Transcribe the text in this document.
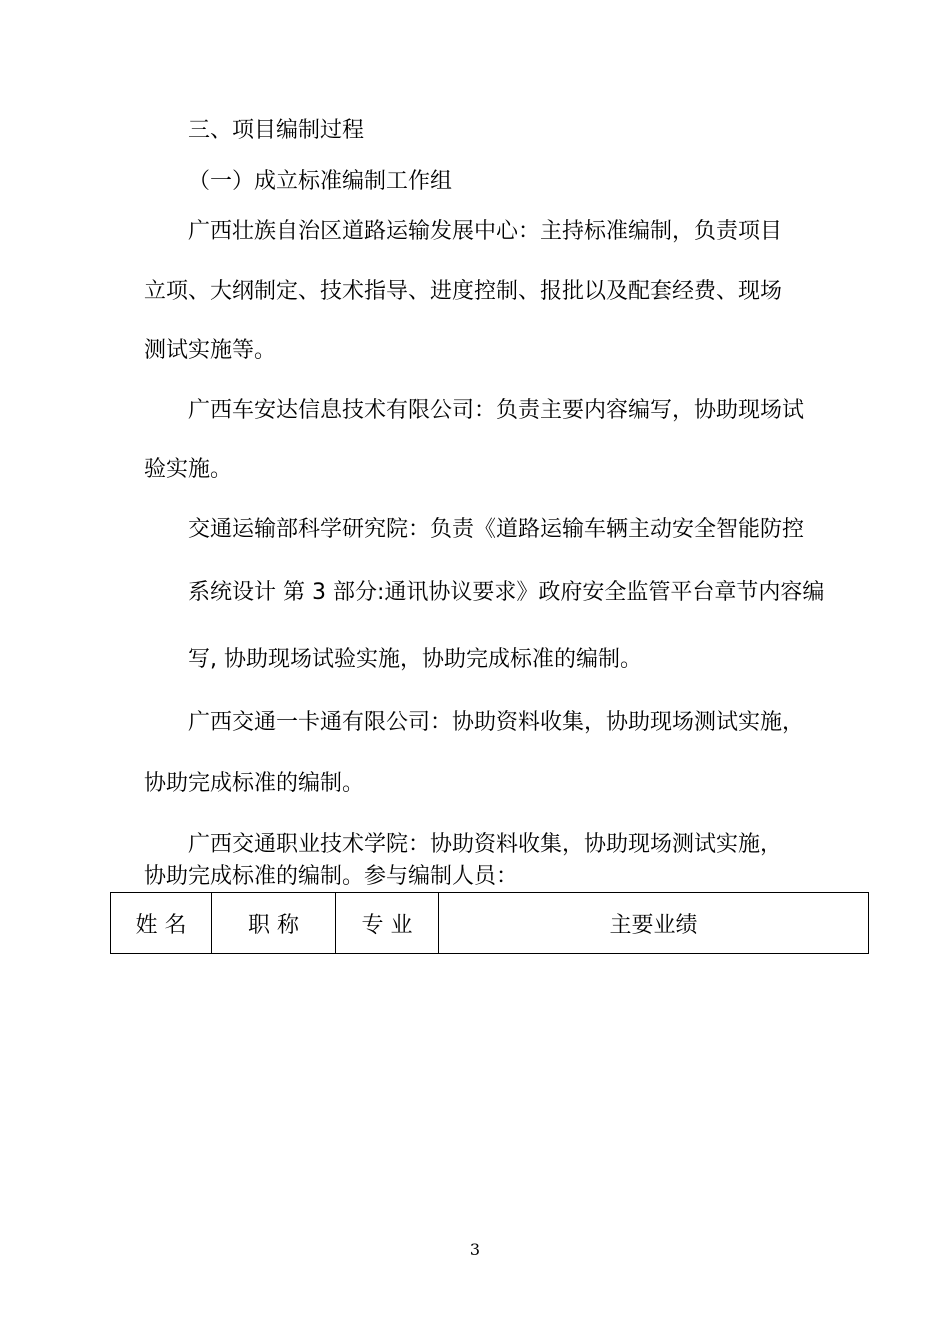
三、项目编制过程

（一）成立标准编制工作组

广西壮族自治区道路运输发展中心：主持标准编制，负责项目

立项、大纲制定、技术指导、进度控制、报批以及配套经费、现场

测试实施等。

广西车安达信息技术有限公司：负责主要内容编写，协助现场试

验实施。

交通运输部科学研究院：负责《道路运输车辆主动安全智能防控

系统设计 第 3 部分:通讯协议要求》政府安全监管平台章节内容编

写, 协助现场试验实施，协助完成标准的编制。

广西交通一卡通有限公司：协助资料收集，协助现场测试实施，

协助完成标准的编制。

广西交通职业技术学院：协助资料收集，协助现场测试实施，

协助完成标准的编制。参与编制人员：

姓 名	职 称	专 业	主要业绩
3
